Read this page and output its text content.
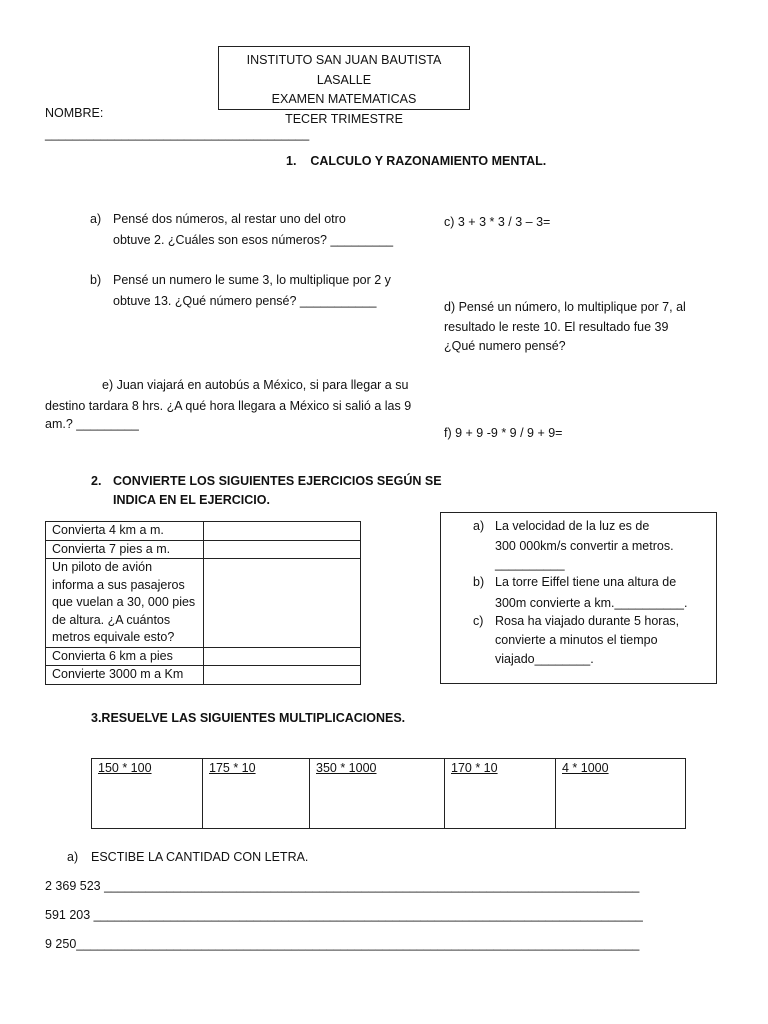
INSTITUTO SAN JUAN BAUTISTA LASALLE
EXAMEN MATEMATICAS
TECER TRIMESTRE
NOMBRE:
______________________________________
1. CALCULO Y RAZONAMIENTO MENTAL.
a) Pensé dos números, al restar uno del otro
obtuve 2. ¿Cuáles son esos números? _________
c) 3 + 3 * 3 / 3 – 3=
b) Pensé un numero le sume 3, lo multiplique por 2 y
obtuve 13. ¿Qué número pensé? ___________	d) Pensé un número, lo multiplique por 7, al
resultado le reste 10. El resultado fue 39
¿Qué numero pensé?
e) Juan viajará en autobús a México, si para llegar a su
destino tardara 8 hrs. ¿A qué hora llegara a México si salió a las 9
am.? _________
f) 9 + 9 -9 * 9 / 9 + 9=
2. CONVIERTE LOS SIGUIENTES EJERCICIOS SEGÚN SE
INDICA EN EL EJERCICIO.
Convierta 4 km a m.	

Convierta 7 pies a m.	

Un piloto de avión
informa a sus pasajeros
que vuelan a 30, 000 pies
de altura. ¿A cuántos
metros equivale esto?	

Convierta 6 km a pies	

Convierte 3000 m a Km	

a) La velocidad de la luz es de
300 000km/s convertir a metros.
__________
b) La torre Eiffel tiene una altura de
300m convierte a km.__________.
c) Rosa ha viajado durante 5 horas,
convierte a minutos el tiempo
viajado________.
3.RESUELVE LAS SIGUIENTES MULTIPLICACIONES.
150 * 100	175 * 10	350 * 1000	170 * 10	4 * 1000
a) ESCTIBE LA CANTIDAD CON LETRA.
2 369 523 _____________________________________________________________________________
591 203 _______________________________________________________________________________
9 250_________________________________________________________________________________
